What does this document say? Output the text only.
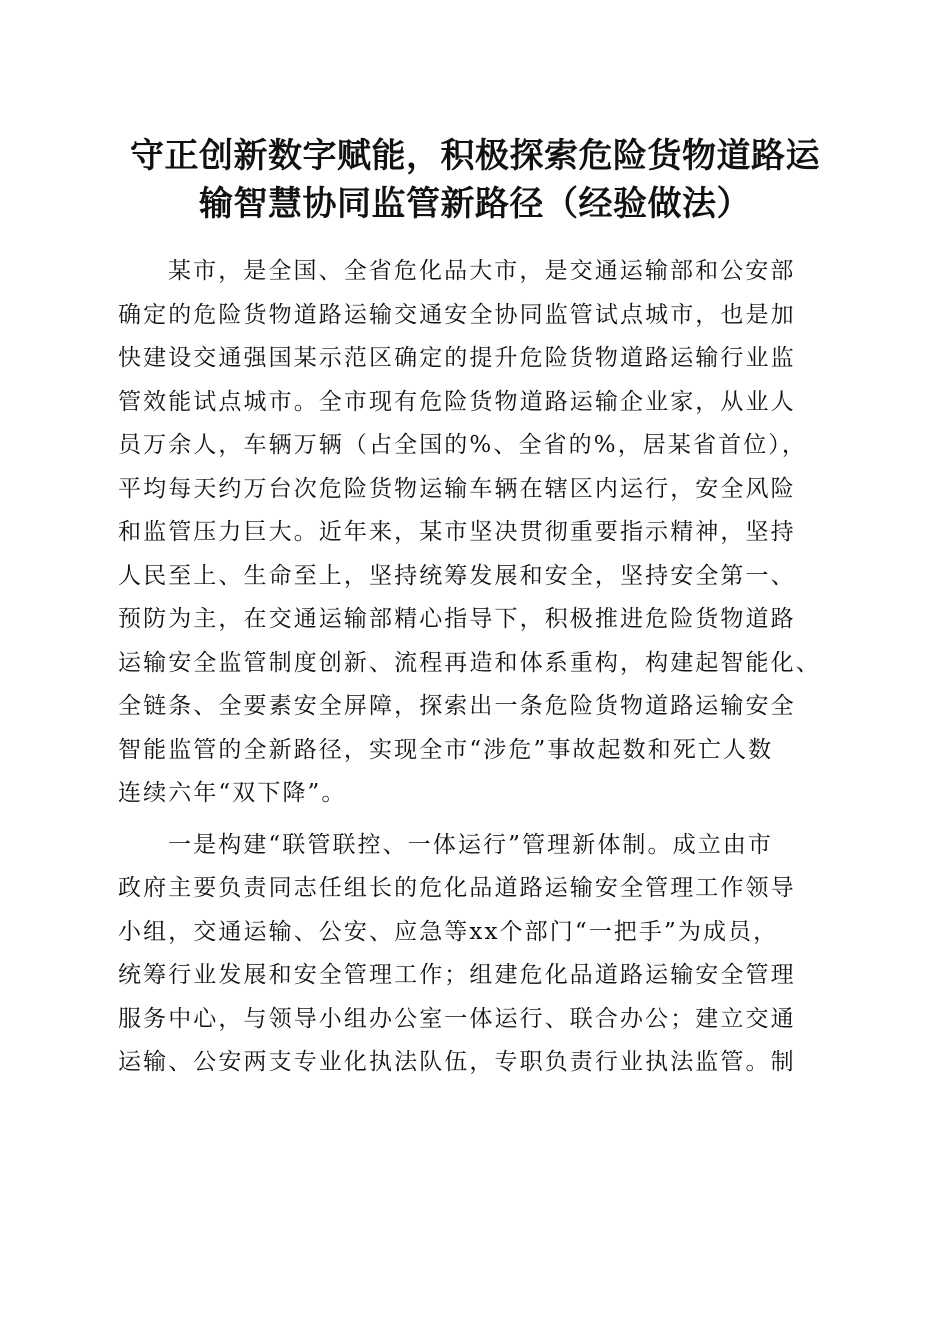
守正创新数字赋能，积极探索危险货物道路运
输智慧协同监管新路径（经验做法）
某市，是全国、全省危化品大市，是交通运输部和公安部
确定的危险货物道路运输交通安全协同监管试点城市，也是加
快建设交通强国某示范区确定的提升危险货物道路运输行业监
管效能试点城市。全市现有危险货物道路运输企业家，从业人
员万余人，车辆万辆（占全国的%、全省的%，居某省首位），
平均每天约万台次危险货物运输车辆在辖区内运行，安全风险
和监管压力巨大。近年来，某市坚决贯彻重要指示精神，坚持
人民至上、生命至上，坚持统筹发展和安全，坚持安全第一、
预防为主，在交通运输部精心指导下，积极推进危险货物道路
运输安全监管制度创新、流程再造和体系重构，构建起智能化、
全链条、全要素安全屏障，探索出一条危险货物道路运输安全
智能监管的全新路径，实现全市“涉危”事故起数和死亡人数
连续六年“双下降”。
一是构建“联管联控、一体运行”管理新体制。成立由市
政府主要负责同志任组长的危化品道路运输安全管理工作领导
小组，交通运输、公安、应急等xx个部门“一把手”为成员，
统筹行业发展和安全管理工作；组建危化品道路运输安全管理
服务中心，与领导小组办公室一体运行、联合办公；建立交通
运输、公安两支专业化执法队伍，专职负责行业执法监管。制
